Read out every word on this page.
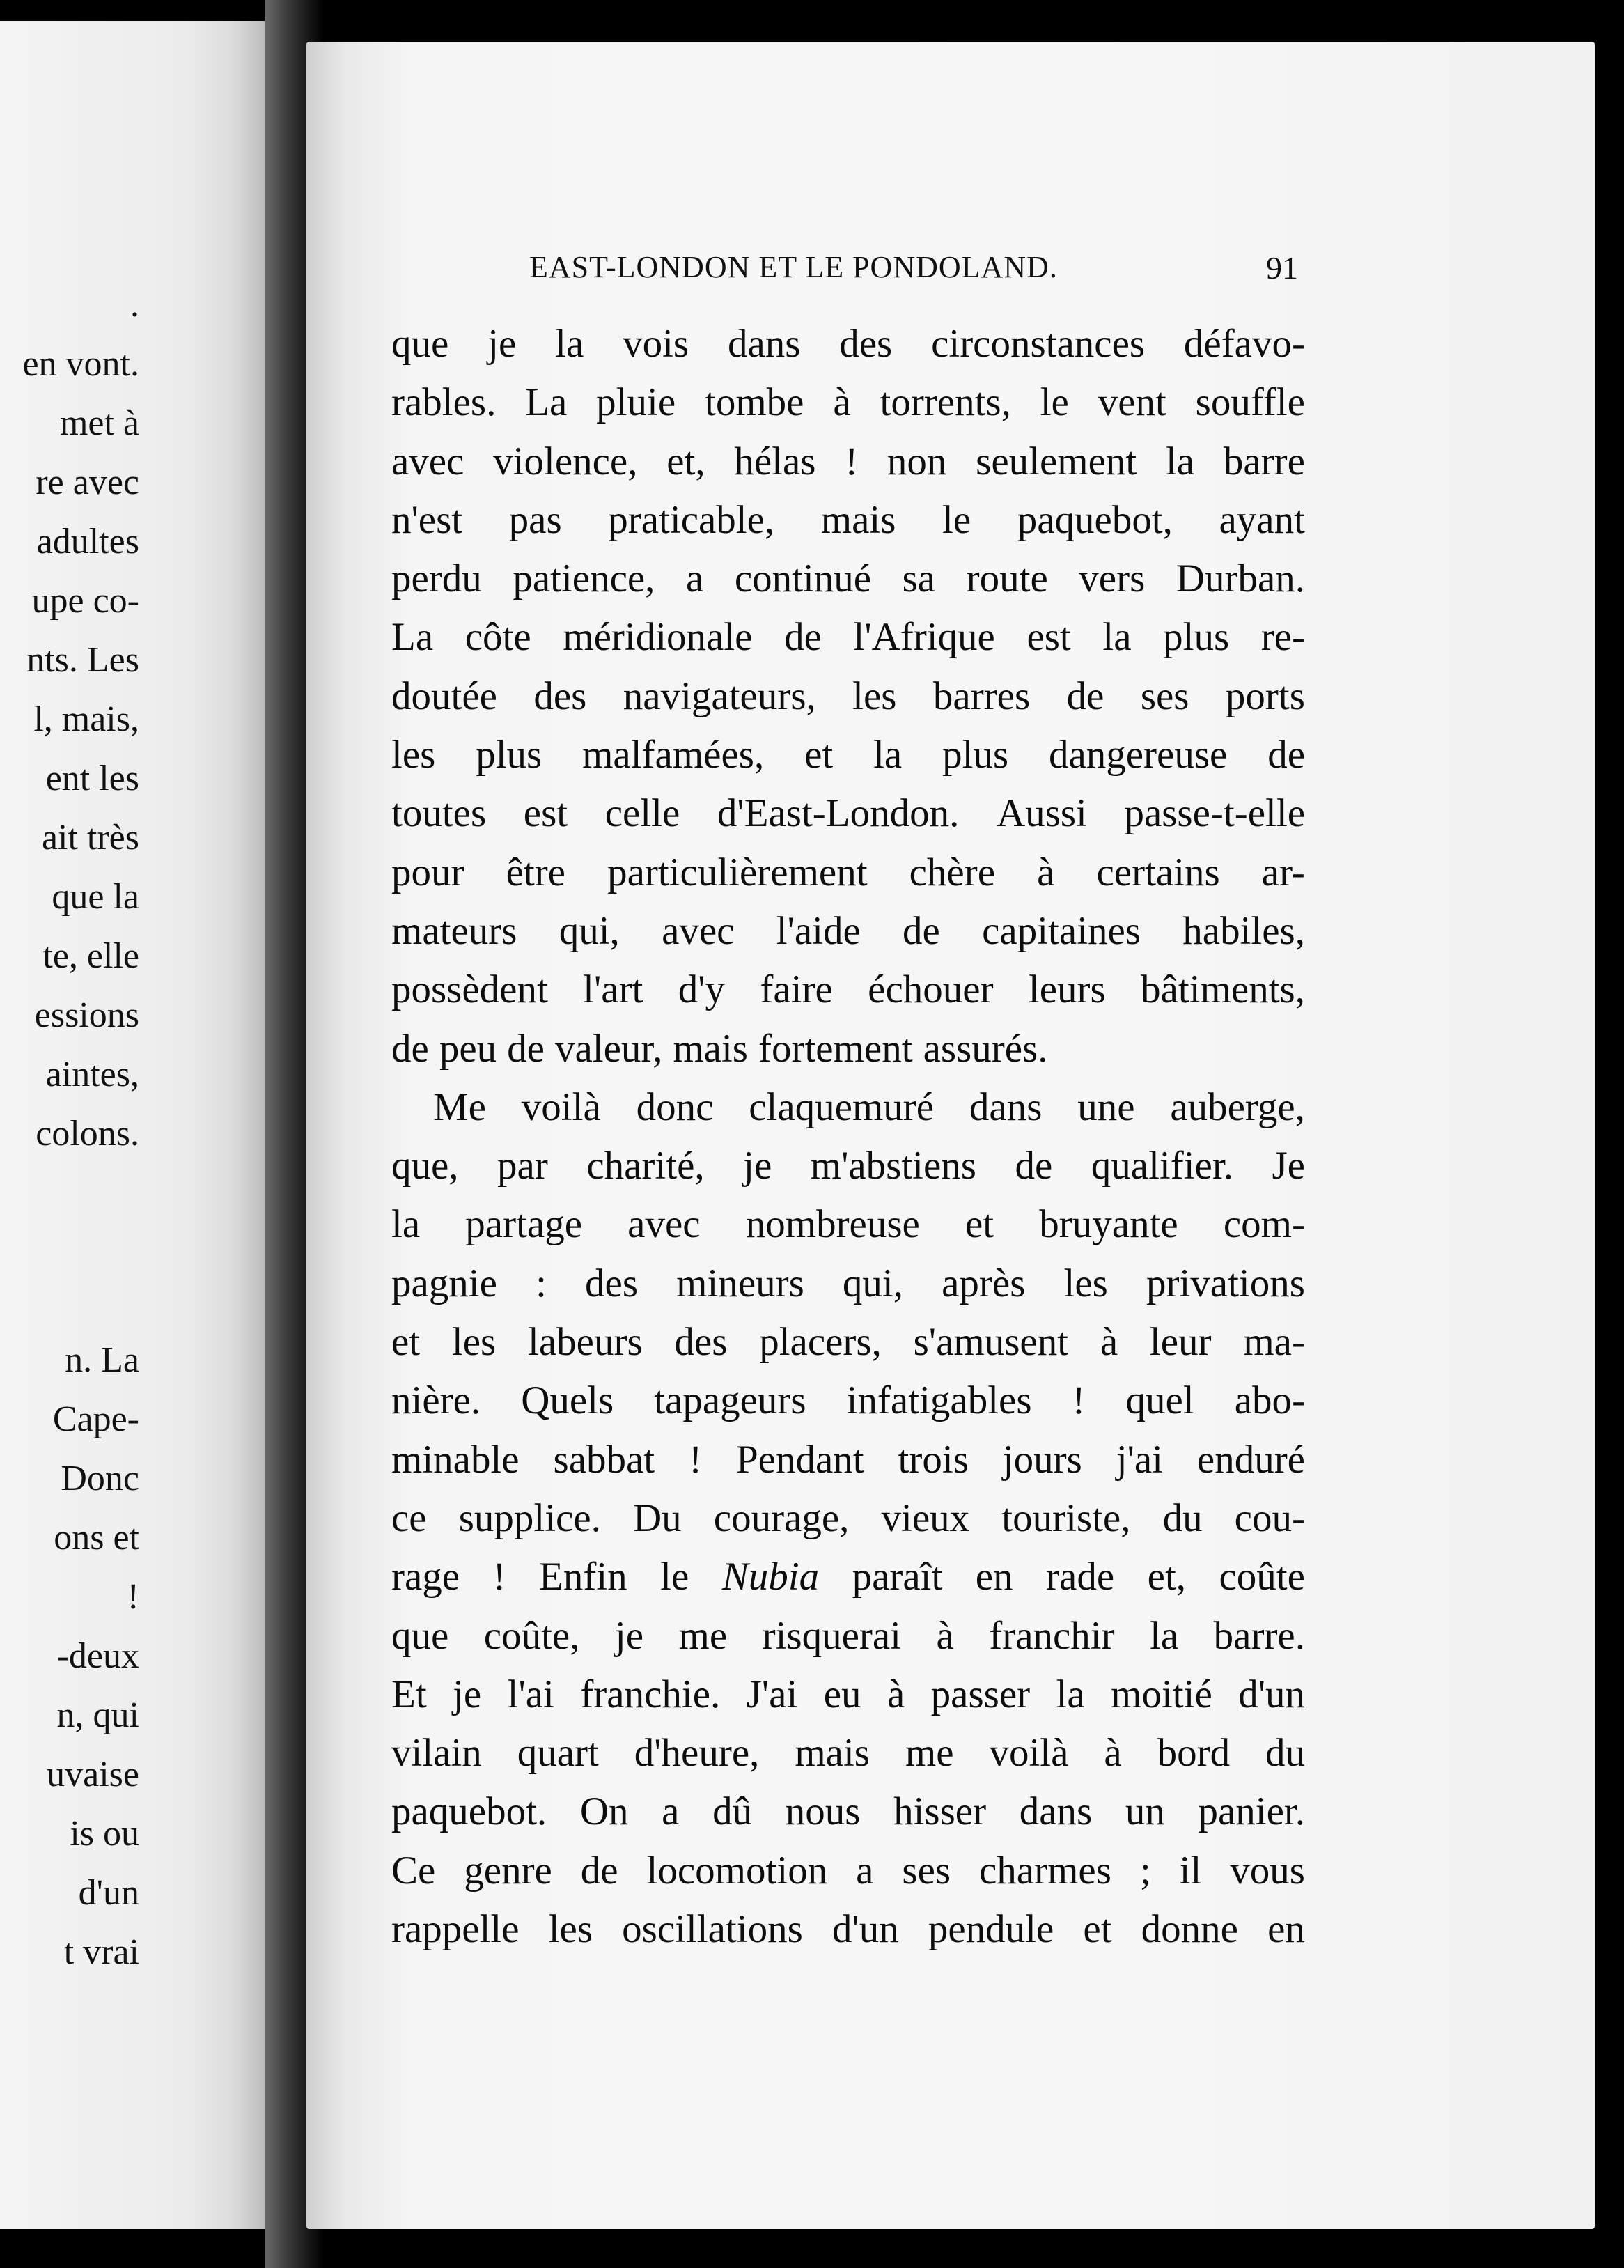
.
en vont.
met à
re avec
adultes
upe co-
nts. Les
l, mais,
ent les
ait très
que la
te, elle
essions
aintes,
colons.
n. La
Cape-
Donc
ons et
!
-deux
n, qui
uvaise
is ou
d'un
t vrai
EAST-LONDON ET LE PONDOLAND.	91
que je la vois dans des circonstances défavo-
rables. La pluie tombe à torrents, le vent souffle
avec violence, et, hélas ! non seulement la barre
n'est pas praticable, mais le paquebot, ayant
perdu patience, a continué sa route vers Durban.
La côte méridionale de l'Afrique est la plus re-
doutée des navigateurs, les barres de ses ports
les plus malfamées, et la plus dangereuse de
toutes est celle d'East-London. Aussi passe-t-elle
pour être particulièrement chère à certains ar-
mateurs qui, avec l'aide de capitaines habiles,
possèdent l'art d'y faire échouer leurs bâtiments,
de peu de valeur, mais fortement assurés.
Me voilà donc claquemuré dans une auberge,
que, par charité, je m'abstiens de qualifier. Je
la partage avec nombreuse et bruyante com-
pagnie : des mineurs qui, après les privations
et les labeurs des placers, s'amusent à leur ma-
nière. Quels tapageurs infatigables ! quel abo-
minable sabbat ! Pendant trois jours j'ai enduré
ce supplice. Du courage, vieux touriste, du cou-
rage ! Enfin le Nubia paraît en rade et, coûte
que coûte, je me risquerai à franchir la barre.
Et je l'ai franchie. J'ai eu à passer la moitié d'un
vilain quart d'heure, mais me voilà à bord du
paquebot. On a dû nous hisser dans un panier.
Ce genre de locomotion a ses charmes ; il vous
rappelle les oscillations d'un pendule et donne en
